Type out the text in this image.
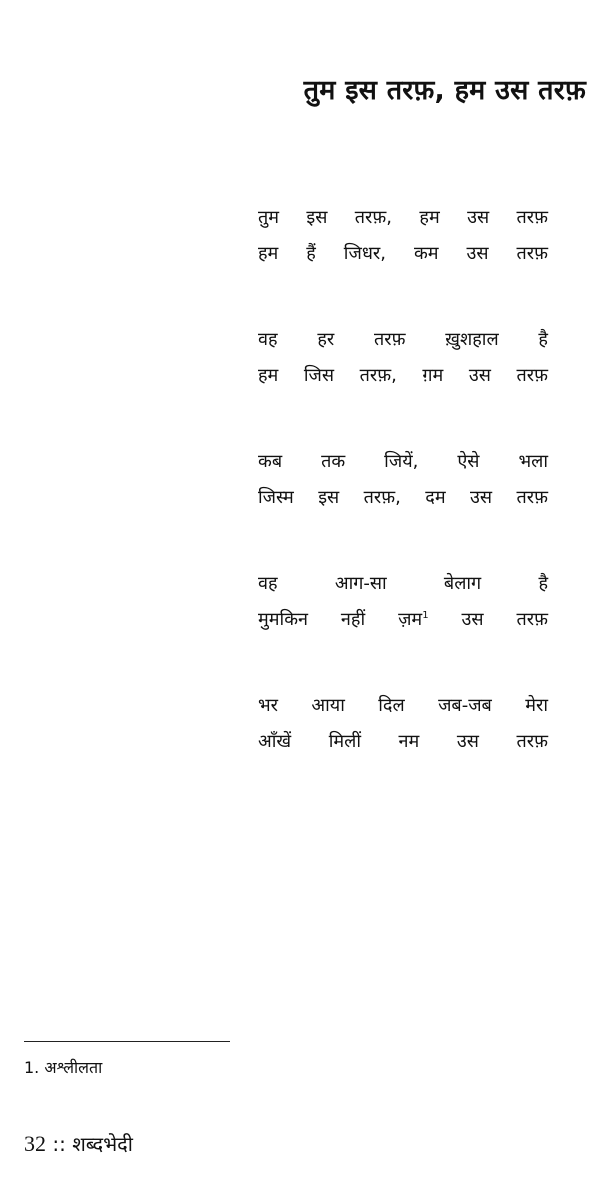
तुम इस तरफ़, हम उस तरफ़
तुम इस तरफ़, हम उस तरफ़
हम हैं जिधर, कम उस तरफ़
वह हर तरफ़ ख़ुशहाल है
हम जिस तरफ़, ग़म उस तरफ़
कब तक जियें, ऐसे भला
जिस्म इस तरफ़, दम उस तरफ़
वह आग-सा बेलाग है
मुमकिन नहीं ज़म$^1$ उस तरफ़
भर आया दिल जब-जब मेरा
आँखें मिलीं नम उस तरफ़
1. अश्लीलता
32 :: शब्दभेदी
